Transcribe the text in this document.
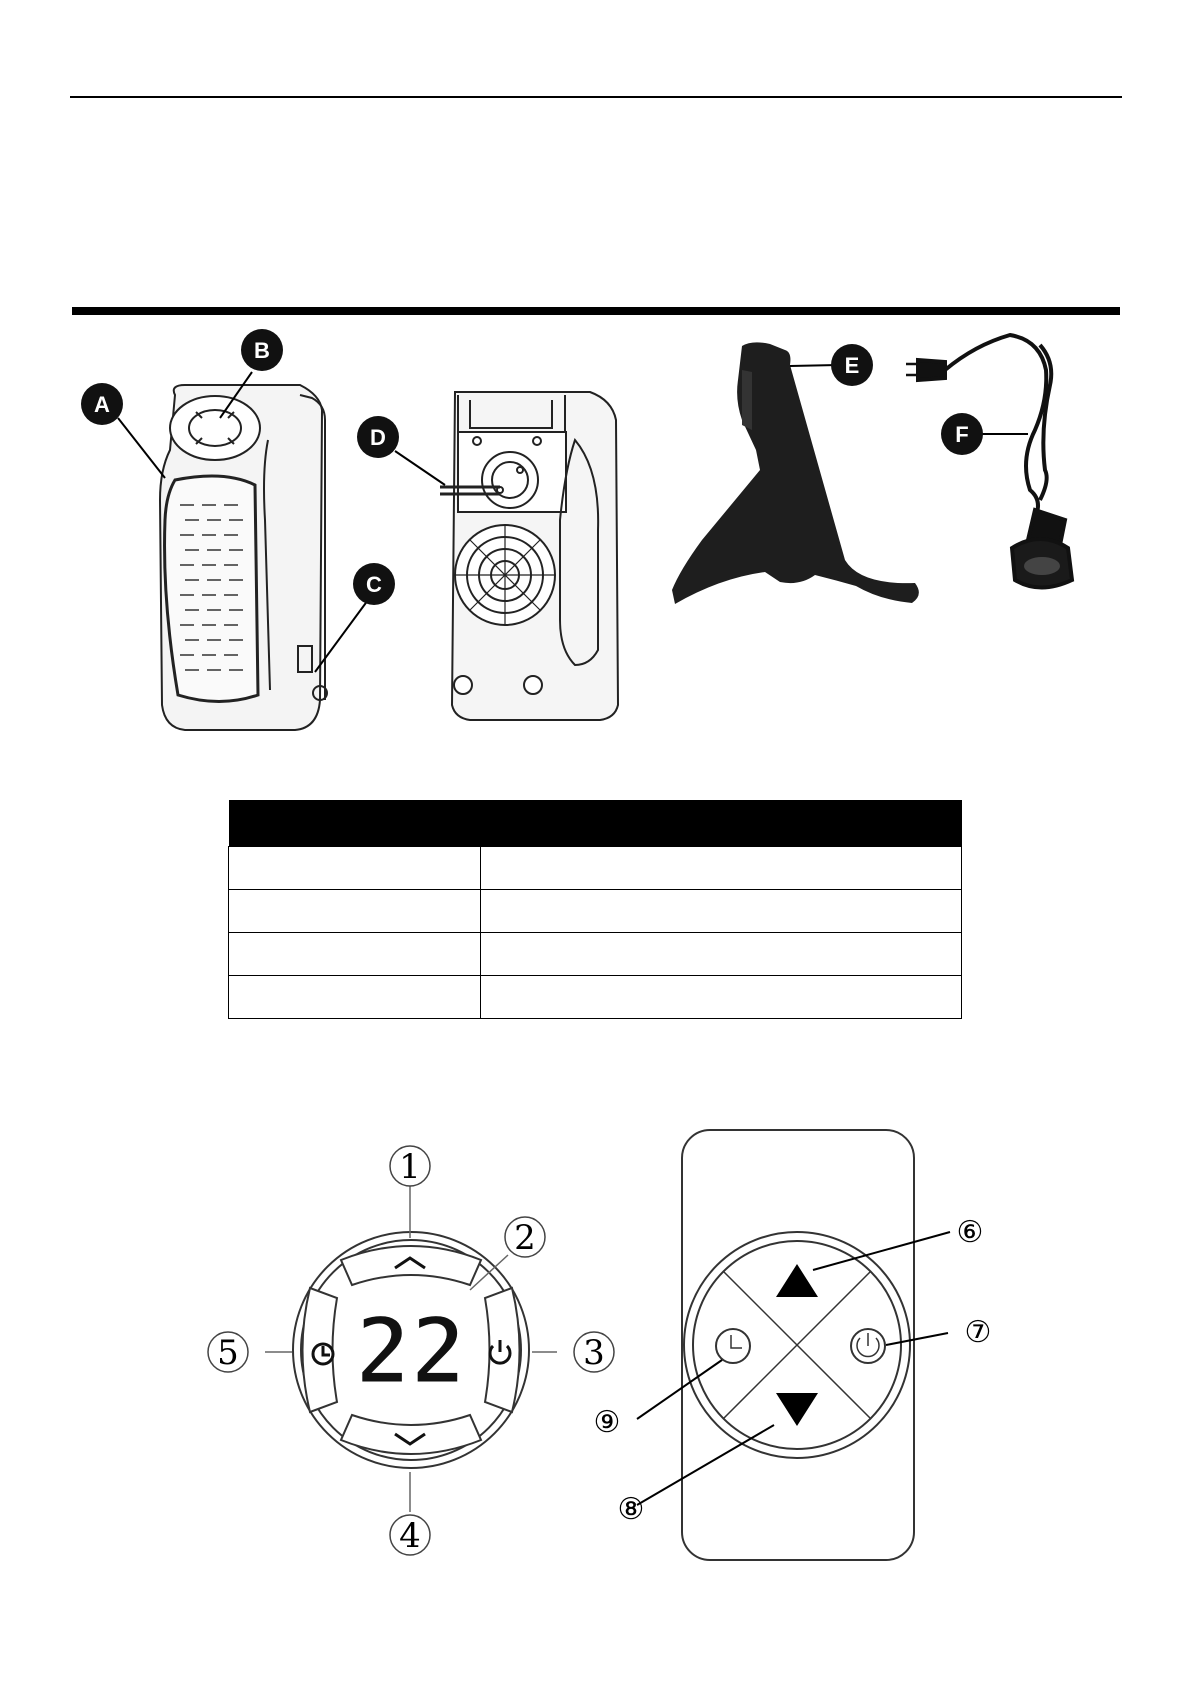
A
B
C
D
E
F
22
1
2
3
4
5
⑥
⑦
⑧
⑨
